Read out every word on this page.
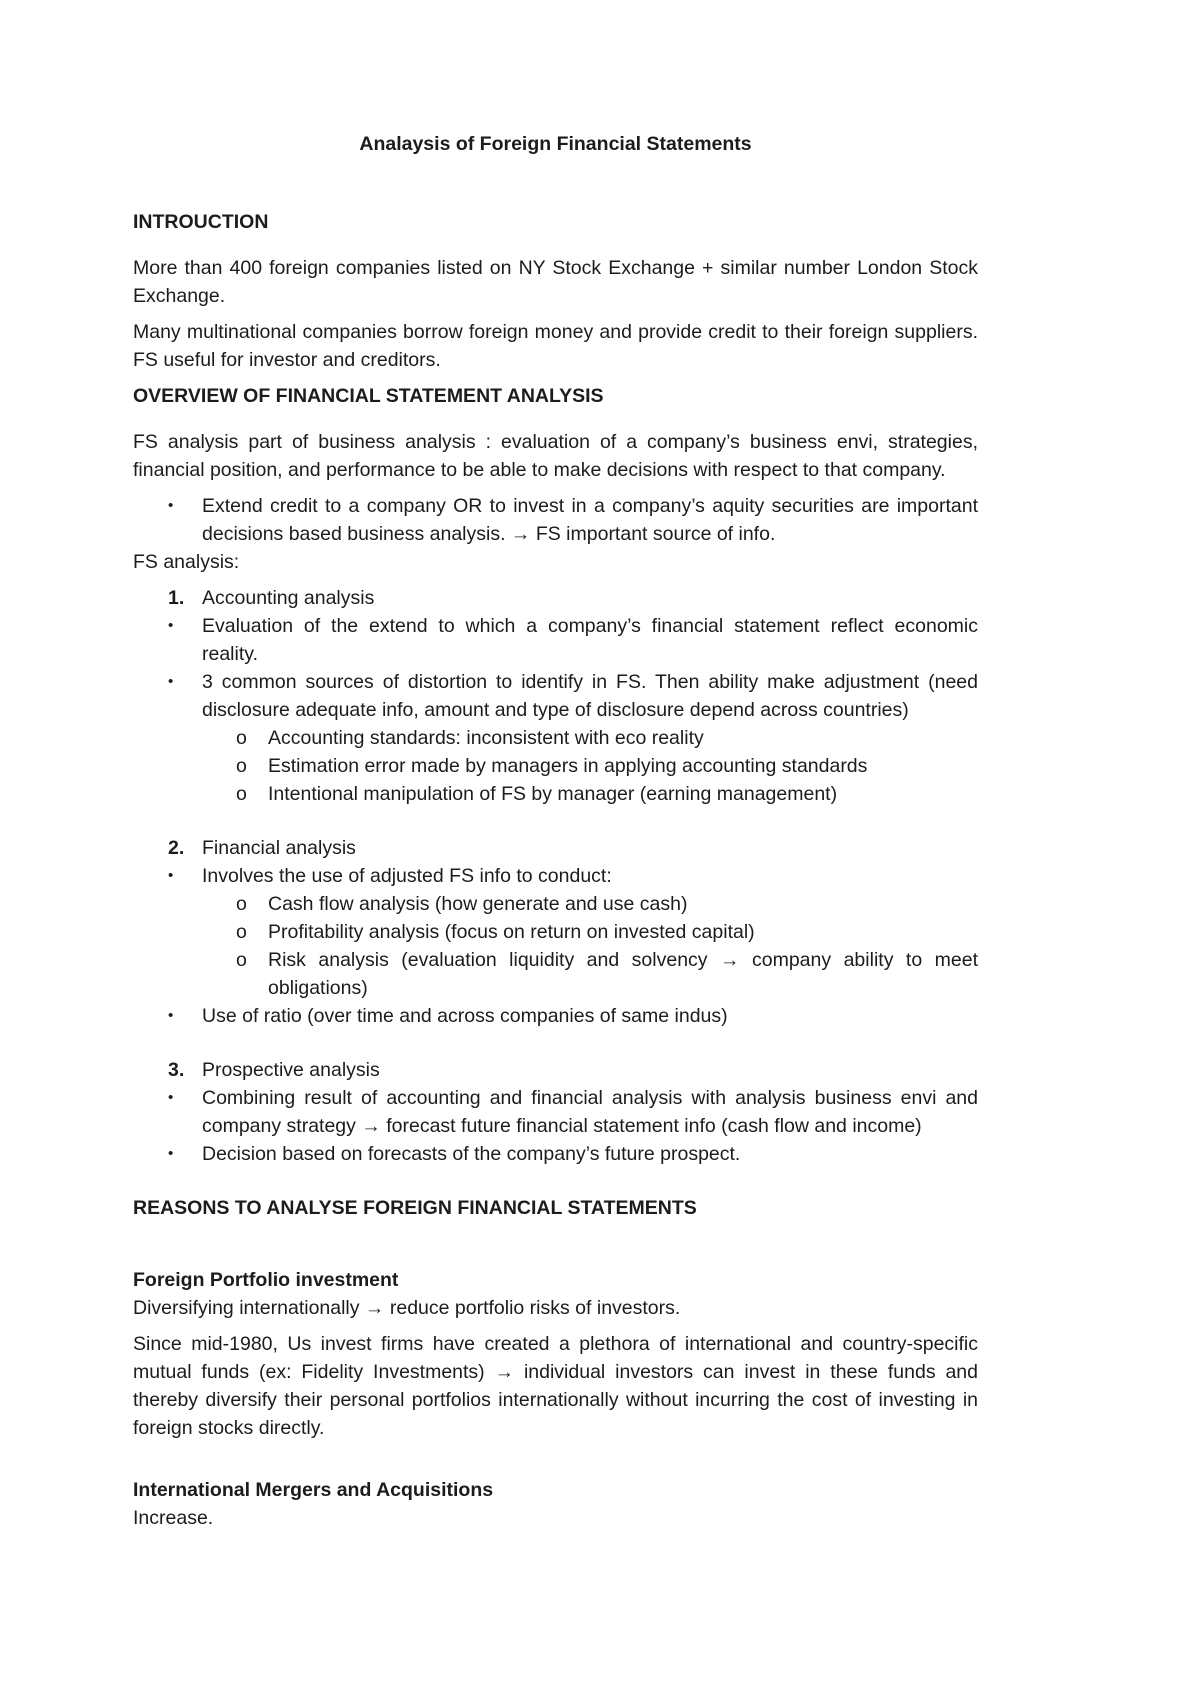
Analaysis of Foreign Financial Statements
INTROUCTION
More than 400 foreign companies listed on NY Stock Exchange + similar number London Stock Exchange.
Many multinational companies borrow foreign money and provide credit to their foreign suppliers. FS useful for investor and creditors.
OVERVIEW OF FINANCIAL STATEMENT ANALYSIS
FS analysis part of business analysis : evaluation of a company’s business envi, strategies, financial position, and performance to be able to make decisions with respect to that company.
•	Extend credit to a company OR to invest in a company’s aquity securities are important decisions based business analysis. → FS important source of info.
FS analysis:
1. Accounting analysis
•	Evaluation of the extend to which a company’s financial statement reflect economic reality.
•	3 common sources of distortion to identify in FS. Then ability make adjustment (need disclosure adequate info, amount and type of disclosure depend across countries)
o	Accounting standards: inconsistent with eco reality
o	Estimation error made by managers in applying accounting standards
o	Intentional manipulation of FS by manager (earning management)
2. Financial analysis
•	Involves the use of adjusted FS info to conduct:
o	Cash flow analysis (how generate and use cash)
o	Profitability analysis (focus on return on invested capital)
o	Risk analysis (evaluation liquidity and solvency → company ability to meet obligations)
•	Use of ratio (over time and across companies of same indus)
3. Prospective analysis
•	Combining result of accounting and financial analysis with analysis business envi and company strategy → forecast future financial statement info (cash flow and income)
•	Decision based on forecasts of the company’s future prospect.
REASONS TO ANALYSE FOREIGN FINANCIAL STATEMENTS
Foreign Portfolio investment
Diversifying internationally → reduce portfolio risks of investors.
Since mid-1980, Us invest firms have created a plethora of international and country-specific mutual funds (ex: Fidelity Investments) → individual investors can invest in these funds and thereby diversify their personal portfolios internationally without incurring the cost of investing in foreign stocks directly.
International Mergers and Acquisitions
Increase.
